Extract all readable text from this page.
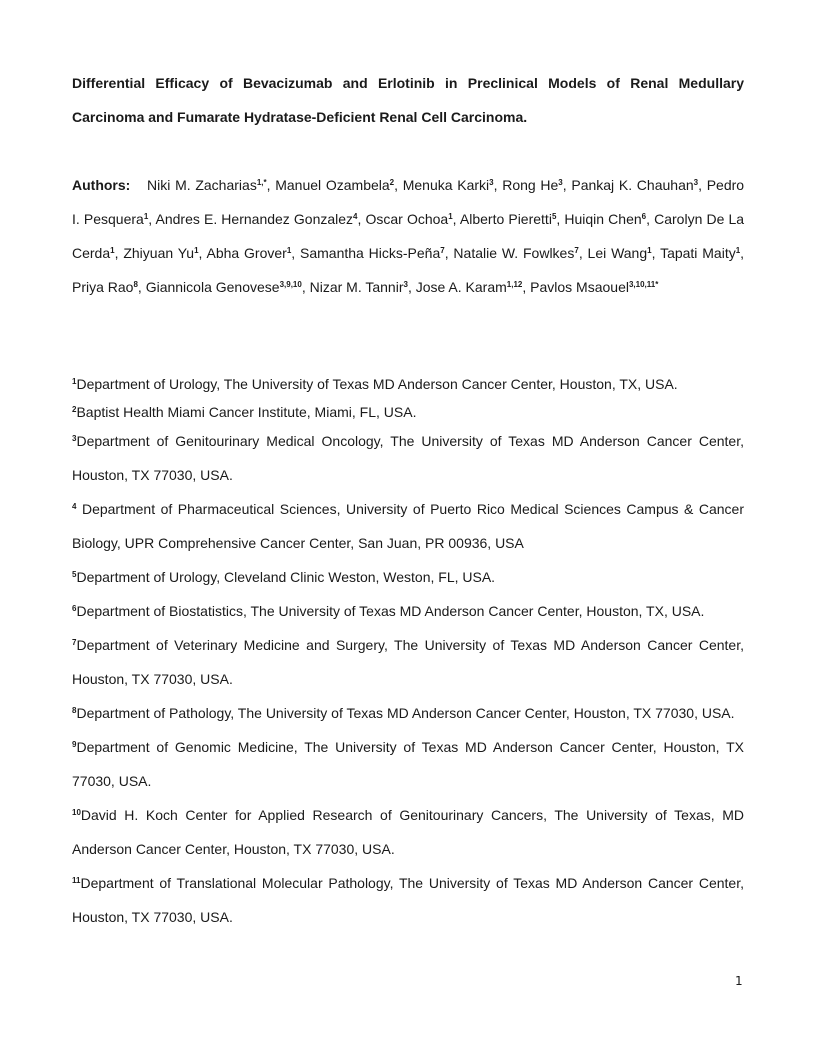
Differential Efficacy of Bevacizumab and Erlotinib in Preclinical Models of Renal Medullary Carcinoma and Fumarate Hydratase-Deficient Renal Cell Carcinoma.

Authors: Niki M. Zacharias$^{1,*}$, Manuel Ozambela$^2$, Menuka Karki$^3$, Rong He$^3$, Pankaj K. Chauhan$^3$, Pedro I. Pesquera$^1$, Andres E. Hernandez Gonzalez$^4$, Oscar Ochoa$^1$, Alberto Pieretti$^5$, Huiqin Chen$^6$, Carolyn De La Cerda$^1$, Zhiyuan Yu$^1$, Abha Grover$^1$, Samantha Hicks-Peña$^7$, Natalie W. Fowlkes$^7$, Lei Wang$^1$, Tapati Maity$^1$, Priya Rao$^8$, Giannicola Genovese$^{3,9,10}$, Nizar M. Tannir$^3$, Jose A. Karam$^{1,12}$, Pavlos Msaouel$^{3,10,11*}$

$^1$Department of Urology, The University of Texas MD Anderson Cancer Center, Houston, TX, USA.

$^2$Baptist Health Miami Cancer Institute, Miami, FL, USA.

$^3$Department of Genitourinary Medical Oncology, The University of Texas MD Anderson Cancer Center, Houston, TX 77030, USA.

$^4$ Department of Pharmaceutical Sciences, University of Puerto Rico Medical Sciences Campus & Cancer Biology, UPR Comprehensive Cancer Center, San Juan, PR 00936, USA

$^5$Department of Urology, Cleveland Clinic Weston, Weston, FL, USA.

$^6$Department of Biostatistics, The University of Texas MD Anderson Cancer Center, Houston, TX, USA.

$^7$Department of Veterinary Medicine and Surgery, The University of Texas MD Anderson Cancer Center, Houston, TX 77030, USA.

$^8$Department of Pathology, The University of Texas MD Anderson Cancer Center, Houston, TX 77030, USA.

$^9$Department of Genomic Medicine, The University of Texas MD Anderson Cancer Center, Houston, TX 77030, USA.

$^{10}$David H. Koch Center for Applied Research of Genitourinary Cancers, The University of Texas, MD Anderson Cancer Center, Houston, TX 77030, USA.

$^{11}$Department of Translational Molecular Pathology, The University of Texas MD Anderson Cancer Center, Houston, TX 77030, USA.

1
